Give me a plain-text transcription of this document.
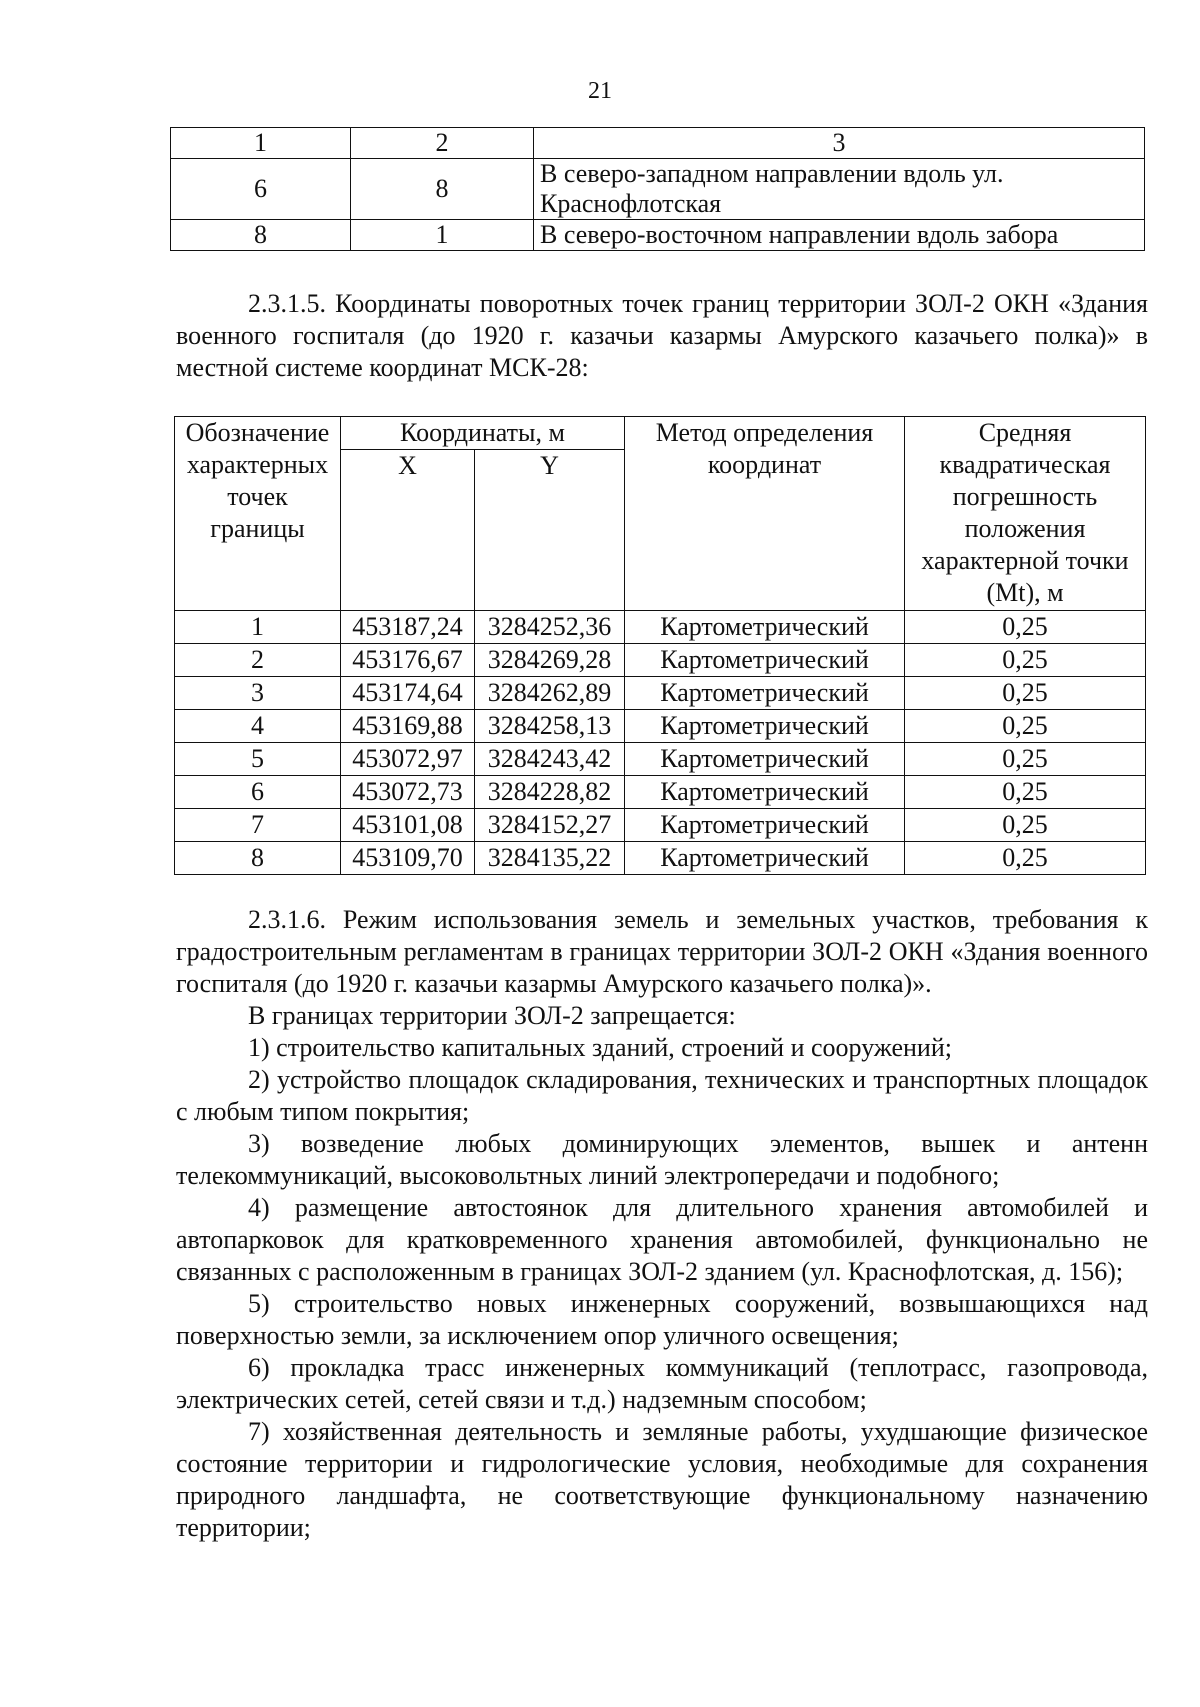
21
1	2	3
6	8	В северо-западном направлении вдоль ул. Краснофлотская
8	1	В северо-восточном направлении вдоль забора
2.3.1.5. Координаты поворотных точек границ территории ЗОЛ-2 ОКН «Здания военного госпиталя (до 1920 г. казачьи казармы Амурского казачьего полка)» в местной системе координат МСК-28:
Обозначение характерных точек границы	Координаты, м		Метод определения координат	Средняя квадратическая погрешность положения характерной точки (Mt), м
	X	Y		
1	453187,24	3284252,36	Картометрический	0,25
2	453176,67	3284269,28	Картометрический	0,25
3	453174,64	3284262,89	Картометрический	0,25
4	453169,88	3284258,13	Картометрический	0,25
5	453072,97	3284243,42	Картометрический	0,25
6	453072,73	3284228,82	Картометрический	0,25
7	453101,08	3284152,27	Картометрический	0,25
8	453109,70	3284135,22	Картометрический	0,25

2.3.1.6. Режим использования земель и земельных участков, требования к градостроительным регламентам в границах территории ЗОЛ-2 ОКН «Здания военного госпиталя (до 1920 г. казачьи казармы Амурского казачьего полка)».

В границах территории ЗОЛ-2 запрещается:

1) строительство капитальных зданий, строений и сооружений;

2) устройство площадок складирования, технических и транспортных площадок с любым типом покрытия;

3) возведение любых доминирующих элементов, вышек и антенн телекоммуникаций, высоковольтных линий электропередачи и подобного;

4) размещение автостоянок для длительного хранения автомобилей и автопарковок для кратковременного хранения автомобилей, функционально не связанных с расположенным в границах ЗОЛ-2 зданием (ул. Краснофлотская, д. 156);

5) строительство новых инженерных сооружений, возвышающихся над поверхностью земли, за исключением опор уличного освещения;

6) прокладка трасс инженерных коммуникаций (теплотрасс, газопровода, электрических сетей, сетей связи и т.д.) надземным способом;

7) хозяйственная деятельность и земляные работы, ухудшающие физическое состояние территории и гидрологические условия, необходимые для сохранения природного ландшафта, не соответствующие функциональному назначению территории;
